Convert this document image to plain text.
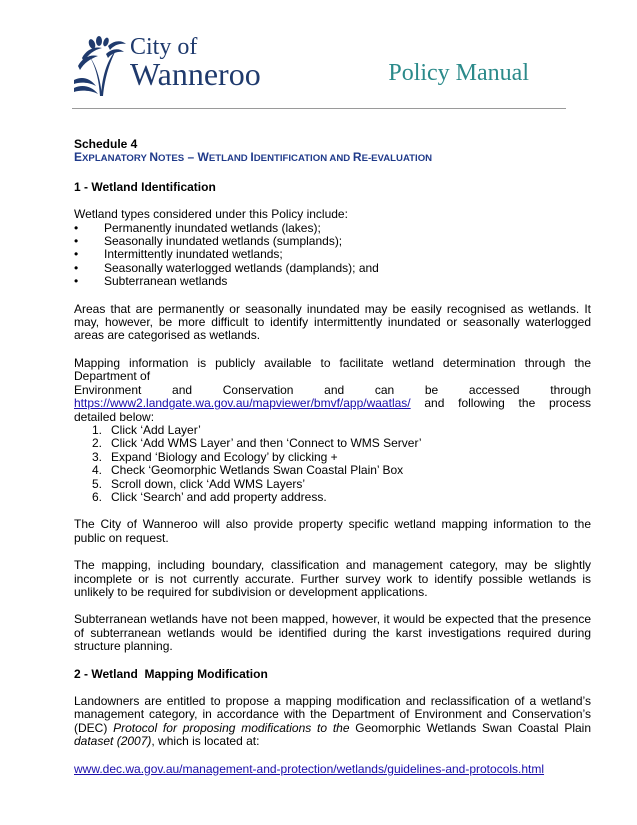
City of
Wanneroo	Policy Manual
Schedule 4
EXPLANATORY NOTES – WETLAND IDENTIFICATION AND RE-EVALUATION
1 - Wetland Identification

Wetland types considered under this Policy include:

• Permanently inundated wetlands (lakes);
• Seasonally inundated wetlands (sumplands);
• Intermittently inundated wetlands;
• Seasonally waterlogged wetlands (damplands); and
• Subterranean wetlands

Areas that are permanently or seasonally inundated may be easily recognised as wetlands. It may, however, be more difficult to identify intermittently inundated or seasonally waterlogged areas are categorised as wetlands.

Mapping information is publicly available to facilitate wetland determination through the Department of
Environment and Conservation and can be accessed through
https://www2.landgate.wa.gov.au/mapviewer/bmvf/app/waatlas/ and following the process detailed below:

1. Click ‘Add Layer’
2. Click ‘Add WMS Layer’ and then ‘Connect to WMS Server’
3. Expand ‘Biology and Ecology’ by clicking +
4. Check ‘Geomorphic Wetlands Swan Coastal Plain’ Box
5. Scroll down, click ‘Add WMS Layers’
6. Click ‘Search’ and add property address.

The City of Wanneroo will also provide property specific wetland mapping information to the public on request.

The mapping, including boundary, classification and management category, may be slightly incomplete or is not currently accurate. Further survey work to identify possible wetlands is unlikely to be required for subdivision or development applications.

Subterranean wetlands have not been mapped, however, it would be expected that the presence of subterranean wetlands would be identified during the karst investigations required during structure planning.

2 - Wetland  Mapping Modification

Landowners are entitled to propose a mapping modification and reclassification of a wetland’s management category, in accordance with the Department of Environment and Conservation’s (DEC) Protocol for proposing modifications to the Geomorphic Wetlands Swan Coastal Plain dataset (2007), which is located at:

www.dec.wa.gov.au/management-and-protection/wetlands/guidelines-and-protocols.html
